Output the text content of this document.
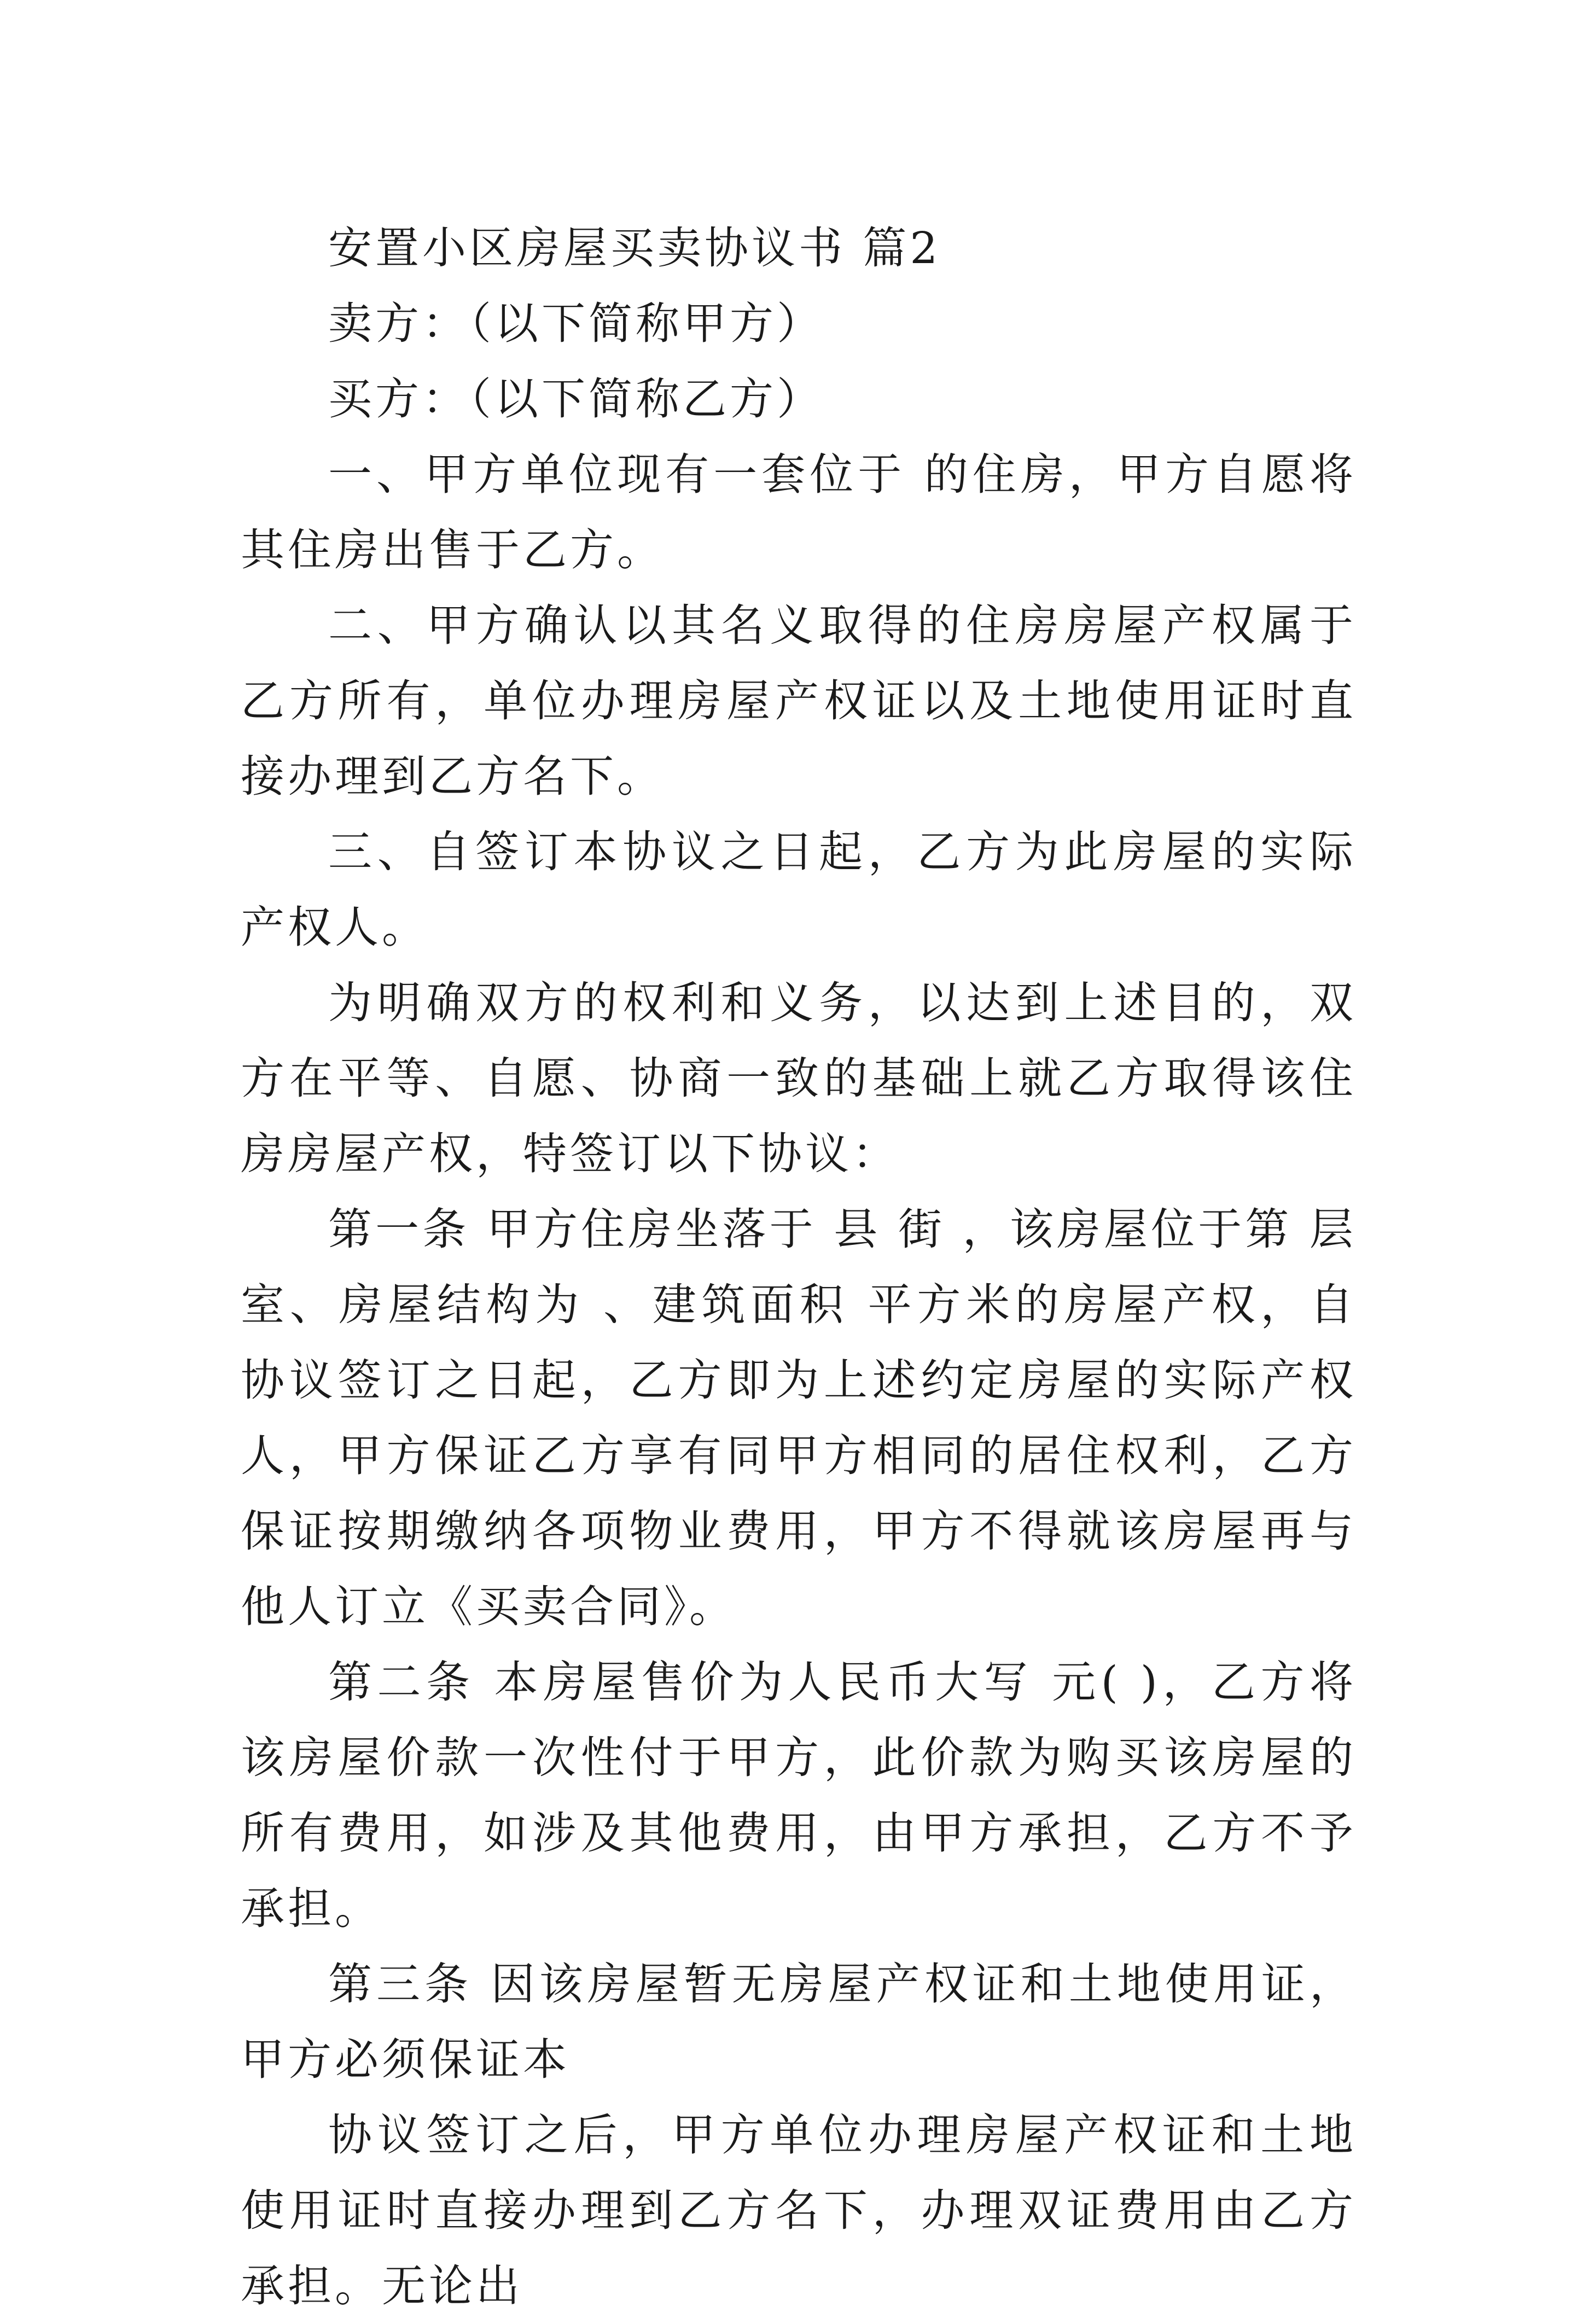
安置小区房屋买卖协议书 篇2

卖方：（以下简称甲方）

买方：（以下简称乙方）

一、甲方单位现有一套位于 的住房，甲方自愿将其住房出售于乙方。

二、甲方确认以其名义取得的住房房屋产权属于乙方所有，单位办理房屋产权证以及土地使用证时直接办理到乙方名下。

三、自签订本协议之日起，乙方为此房屋的实际产权人。

为明确双方的权利和义务，以达到上述目的，双方在平等、自愿、协商一致的基础上就乙方取得该住房房屋产权，特签订以下协议：

第一条 甲方住房坐落于 县 街 ，该房屋位于第 层 室、房屋结构为 、建筑面积 平方米的房屋产权，自协议签订之日起，乙方即为上述约定房屋的实际产权人，甲方保证乙方享有同甲方相同的居住权利，乙方保证按期缴纳各项物业费用，甲方不得就该房屋再与他人订立《买卖合同》。

第二条 本房屋售价为人民币大写 元( )，乙方将该房屋价款一次性付于甲方，此价款为购买该房屋的所有费用，如涉及其他费用，由甲方承担，乙方不予承担。

第三条 因该房屋暂无房屋产权证和土地使用证，甲方必须保证本

协议签订之后，甲方单位办理房屋产权证和土地使用证时直接办理到乙方名下，办理双证费用由乙方承担。无论出
